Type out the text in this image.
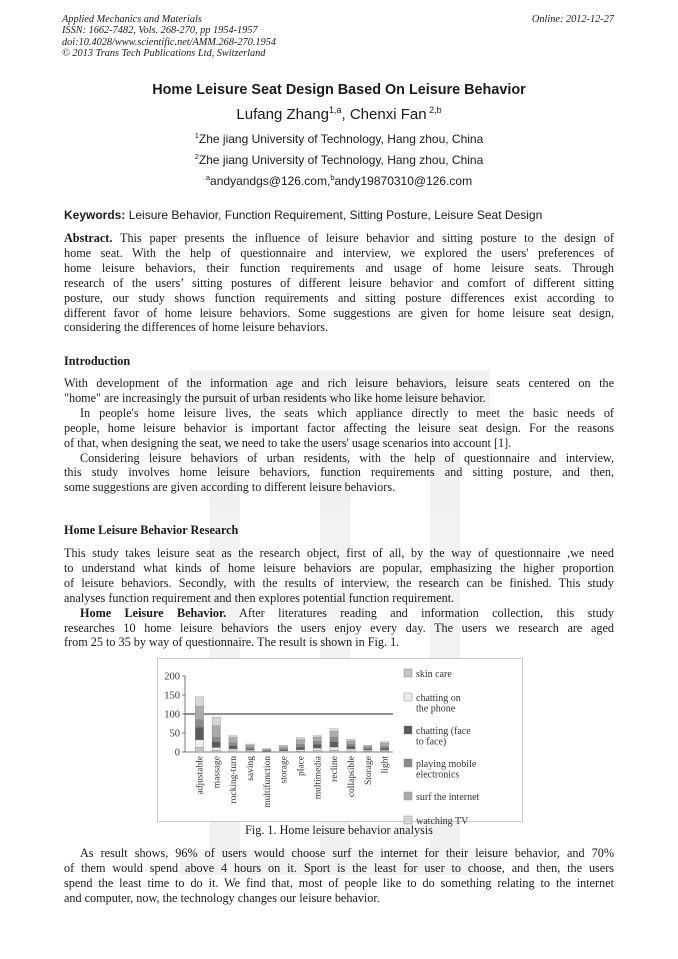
Applied Mechanics and Materials
ISSN: 1662-7482, Vols. 268-270, pp 1954-1957
doi:10.4028/www.scientific.net/AMM.268-270.1954
© 2013 Trans Tech Publications Ltd, Switzerland
Online: 2012-12-27
Home Leisure Seat Design Based On Leisure Behavior
Lufang Zhang$^{1,a}$, Chenxi Fan $^{2,b}$
$^1$Zhe jiang University of Technology, Hang zhou, China
$^2$Zhe jiang University of Technology, Hang zhou, China
$^a$andyandgs@126.com,$^b$andy19870310@126.com
Keywords: Leisure Behavior, Function Requirement, Sitting Posture, Leisure Seat Design
Abstract. This paper presents the influence of leisure behavior and sitting posture to the design of
home seat. With the help of questionnaire and interview, we explored the users' preferences of
home leisure behaviors, their function requirements and usage of home leisure seats. Through
research of the users’ sitting postures of different leisure behavior and comfort of different sitting
posture, our study shows function requirements and sitting posture differences exist according to
different favor of home leisure behaviors. Some suggestions are given for home leisure seat design,
considering the differences of home leisure behaviors.
Introduction
With development of the information age and rich leisure behaviors, leisure seats centered on the
"home" are increasingly the pursuit of urban residents who like home leisure behavior.
In people's home leisure lives, the seats which appliance directly to meet the basic needs of
people, home leisure behavior is important factor affecting the leisure seat design. For the reasons
of that, when designing the seat, we need to take the users' usage scenarios into account [1].
Considering leisure behaviors of urban residents, with the help of questionnaire and interview,
this study involves home leisure behaviors, function requirements and sitting posture, and then,
some suggestions are given according to different leisure behaviors.
Home Leisure Behavior Research
This study takes leisure seat as the research object, first of all, by the way of questionnaire ,we need
to understand what kinds of home leisure behaviors are popular, emphasizing the higher proportion
of leisure behaviors. Secondly, with the results of interview, the research can be finished. This study
analyses function requirement and then explores potential function requirement.
Home Leisure Behavior. After literatures reading and information collection, this study
researches 10 home leisure behaviors the users enjoy every day. The users we research are aged
from 25 to 35 by way of questionnaire. The result is shown in Fig. 1.
0
50
100
150
200
adjustable massage rocking-turn saving multifunction storage place multimedia recline collapsible Storage light
skin care
chatting on
the phone
chatting (face
to face)
playing mobile
electronics
surf the internet
watching TV
Fig. 1. Home leisure behavior analysis
As result shows, 96% of users would choose surf the internet for their leisure behavior, and 70%
of them would spend above 4 hours on it. Sport is the least for user to choose, and then, the users
spend the least time to do it. We find that, most of people like to do something relating to the internet
and computer, now, the technology changes our leisure behavior.
